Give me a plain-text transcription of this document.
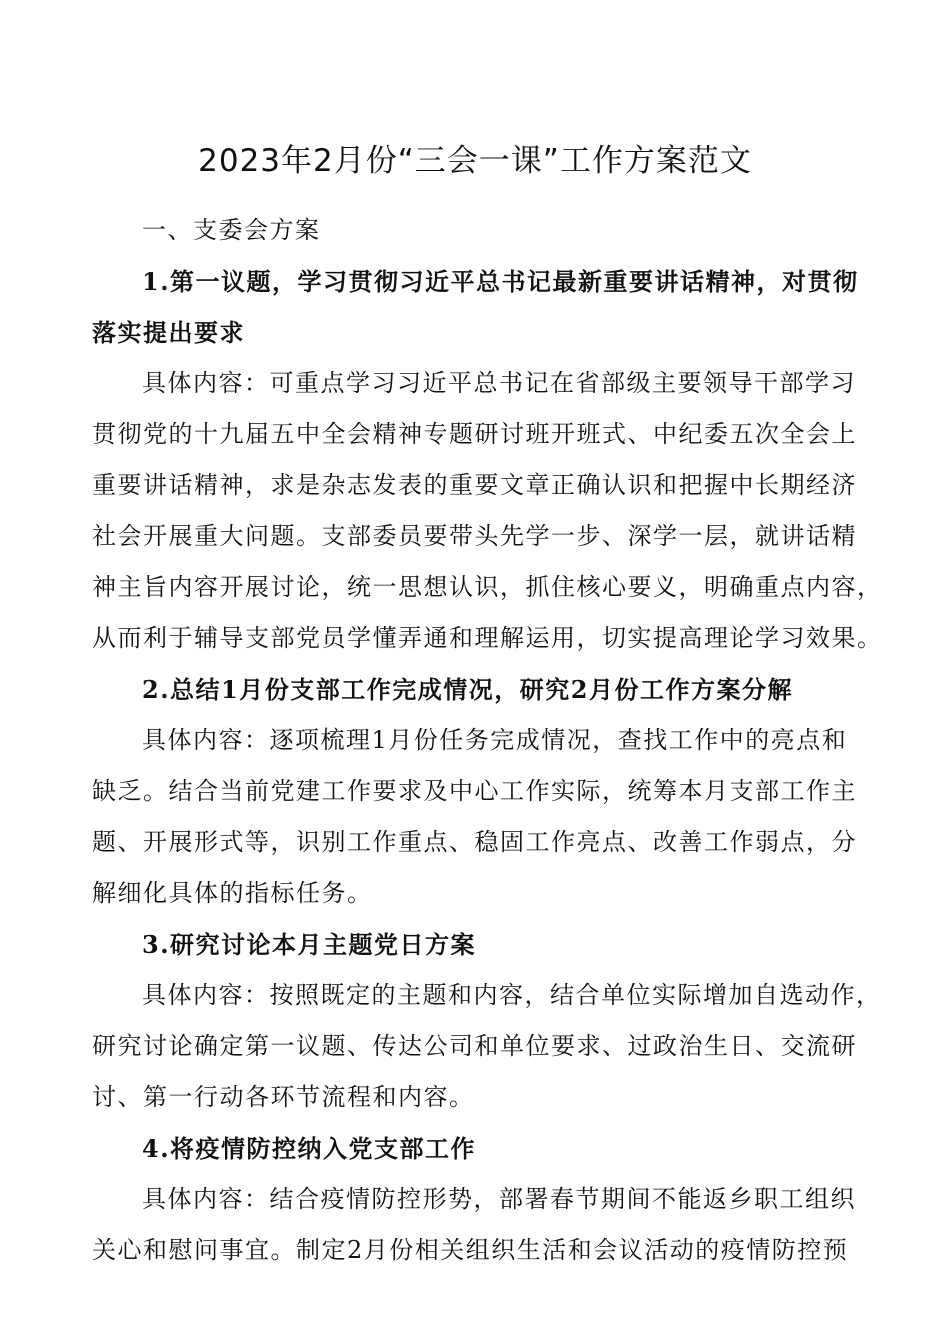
2023年2月份“三会一课”工作方案范文

一、支委会方案

1.第一议题，学习贯彻习近平总书记最新重要讲话精神，对贯彻

落实提出要求

具体内容：可重点学习习近平总书记在省部级主要领导干部学习

贯彻党的十九届五中全会精神专题研讨班开班式、中纪委五次全会上

重要讲话精神，求是杂志发表的重要文章正确认识和把握中长期经济

社会开展重大问题。支部委员要带头先学一步、深学一层，就讲话精

神主旨内容开展讨论，统一思想认识，抓住核心要义，明确重点内容，

从而利于辅导支部党员学懂弄通和理解运用，切实提高理论学习效果。

2.总结1月份支部工作完成情况，研究2月份工作方案分解

具体内容：逐项梳理1月份任务完成情况，查找工作中的亮点和

缺乏。结合当前党建工作要求及中心工作实际，统筹本月支部工作主

题、开展形式等，识别工作重点、稳固工作亮点、改善工作弱点，分

解细化具体的指标任务。

3.研究讨论本月主题党日方案

具体内容：按照既定的主题和内容，结合单位实际增加自选动作，

研究讨论确定第一议题、传达公司和单位要求、过政治生日、交流研

讨、第一行动各环节流程和内容。

4.将疫情防控纳入党支部工作

具体内容：结合疫情防控形势，部署春节期间不能返乡职工组织

关心和慰问事宜。制定2月份相关组织生活和会议活动的疫情防控预
